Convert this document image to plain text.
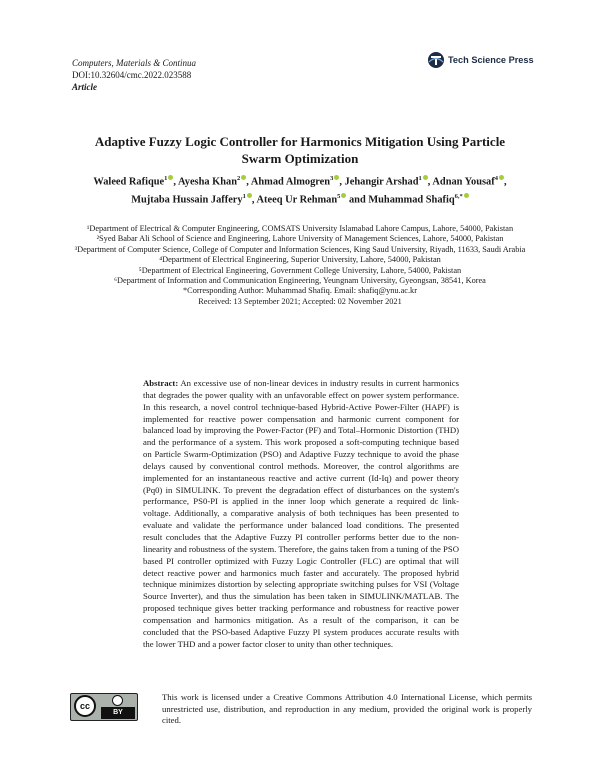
Computers, Materials & Continua
DOI:10.32604/cmc.2022.023588
Article
Tech Science Press
Adaptive Fuzzy Logic Controller for Harmonics Mitigation Using Particle Swarm Optimization
Waleed Rafique$^1$ , Ayesha Khan$^2$ , Ahmad Almogren$^3$ , Jehangir Arshad$^1$ , Adnan Yousaf$^4$ ,
Mujtaba Hussain Jaffery$^1$ , Ateeq Ur Rehman$^5$ and Muhammad Shafiq$^{6,*}$
¹Department of Electrical & Computer Engineering, COMSATS University Islamabad Lahore Campus, Lahore, 54000, Pakistan
²Syed Babar Ali School of Science and Engineering, Lahore University of Management Sciences, Lahore, 54000, Pakistan
³Department of Computer Science, College of Computer and Information Sciences, King Saud University, Riyadh, 11633, Saudi Arabia
⁴Department of Electrical Engineering, Superior University, Lahore, 54000, Pakistan
⁵Department of Electrical Engineering, Government College University, Lahore, 54000, Pakistan
⁶Department of Information and Communication Engineering, Yeungnam University, Gyeongsan, 38541, Korea
*Corresponding Author: Muhammad Shafiq. Email: shafiq@ynu.ac.kr
Received: 13 September 2021; Accepted: 02 November 2021
Abstract: An excessive use of non-linear devices in industry results in current harmonics that degrades the power quality with an unfavorable effect on power system performance. In this research, a novel control technique-based Hybrid-Active Power-Filter (HAPF) is implemented for reactive power compensation and harmonic current component for balanced load by improving the Power-Factor (PF) and Total–Hormonic Distortion (THD) and the performance of a system. This work proposed a soft-computing technique based on Particle Swarm-Optimization (PSO) and Adaptive Fuzzy technique to avoid the phase delays caused by conventional control methods. Moreover, the control algorithms are implemented for an instantaneous reactive and active current (Id-Iq) and power theory (Pq0) in SIMULINK. To prevent the degradation effect of disturbances on the system's performance, PS0-PI is applied in the inner loop which generate a required dc link-voltage. Additionally, a comparative analysis of both techniques has been presented to evaluate and validate the performance under balanced load conditions. The presented result concludes that the Adaptive Fuzzy PI controller performs better due to the non-linearity and robustness of the system. Therefore, the gains taken from a tuning of the PSO based PI controller optimized with Fuzzy Logic Controller (FLC) are optimal that will detect reactive power and harmonics much faster and accurately. The proposed hybrid technique minimizes distortion by selecting appropriate switching pulses for VSI (Voltage Source Inverter), and thus the simulation has been taken in SIMULINK/MATLAB. The proposed technique gives better tracking performance and robustness for reactive power compensation and harmonics mitigation. As a result of the comparison, it can be concluded that the PSO-based Adaptive Fuzzy PI system produces accurate results with the lower THD and a power factor closer to unity than other techniques.
cc
BY
This work is licensed under a Creative Commons Attribution 4.0 International License, which permits unrestricted use, distribution, and reproduction in any medium, provided the original work is properly cited.
